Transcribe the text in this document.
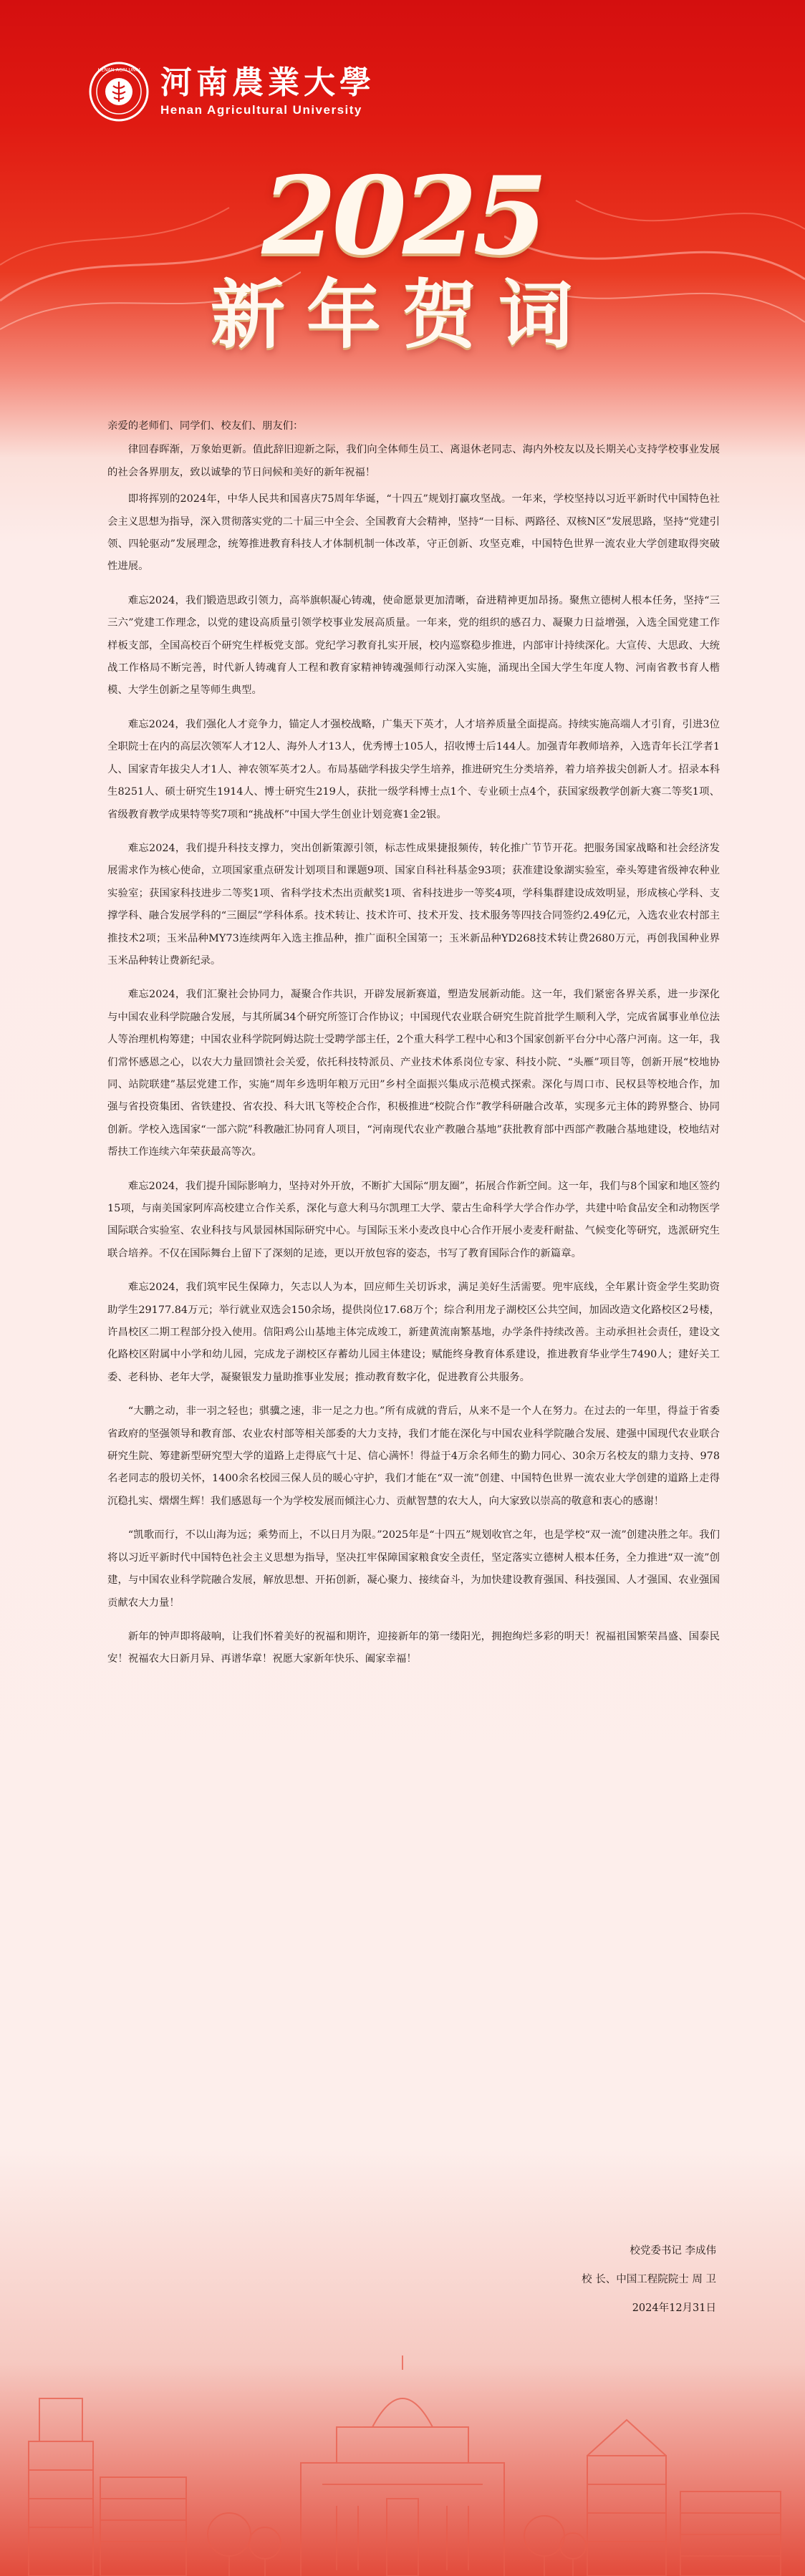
HENAN AGRI UNIV 河南農業大學
Henan Agricultural University
2025
新年贺词

亲爱的老师们、同学们、校友们、朋友们：

律回春晖渐，万象始更新。值此辞旧迎新之际，我们向全体师生员工、离退休老同志、海内外校友以及长期关心支持学校事业发展的社会各界朋友，致以诚挚的节日问候和美好的新年祝福！

即将挥别的2024年，中华人民共和国喜庆75周年华诞，“十四五”规划打赢攻坚战。一年来，学校坚持以习近平新时代中国特色社会主义思想为指导，深入贯彻落实党的二十届三中全会、全国教育大会精神，坚持“一目标、两路径、双核N区”发展思路，坚持“党建引领、四轮驱动”发展理念，统筹推进教育科技人才体制机制一体改革，守正创新、攻坚克难，中国特色世界一流农业大学创建取得突破性进展。

难忘2024，我们锻造思政引领力，高举旗帜凝心铸魂，使命愿景更加清晰，奋进精神更加昂扬。聚焦立德树人根本任务，坚持“三三六”党建工作理念，以党的建设高质量引领学校事业发展高质量。一年来，党的组织的感召力、凝聚力日益增强，入选全国党建工作样板支部，全国高校百个研究生样板党支部。党纪学习教育扎实开展，校内巡察稳步推进，内部审计持续深化。大宣传、大思政、大统战工作格局不断完善，时代新人铸魂育人工程和教育家精神铸魂强师行动深入实施，涌现出全国大学生年度人物、河南省教书育人楷模、大学生创新之星等师生典型。

难忘2024，我们强化人才竞争力，锚定人才强校战略，广集天下英才，人才培养质量全面提高。持续实施高端人才引育，引进3位全职院士在内的高层次领军人才12人、海外人才13人，优秀博士105人，招收博士后144人。加强青年教师培养，入选青年长江学者1人、国家青年拔尖人才1人、神农领军英才2人。布局基础学科拔尖学生培养，推进研究生分类培养，着力培养拔尖创新人才。招录本科生8251人、硕士研究生1914人、博士研究生219人，获批一级学科博士点1个、专业硕士点4个，获国家级教学创新大赛二等奖1项、省级教育教学成果特等奖7项和“挑战杯”中国大学生创业计划竞赛1金2银。

难忘2024，我们提升科技支撑力，突出创新策源引领，标志性成果捷报频传，转化推广节节开花。把服务国家战略和社会经济发展需求作为核心使命，立项国家重点研发计划项目和课题9项、国家自科社科基金93项；获准建设象湖实验室，牵头筹建省级神农种业实验室；获国家科技进步二等奖1项、省科学技术杰出贡献奖1项、省科技进步一等奖4项，学科集群建设成效明显，形成核心学科、支撑学科、融合发展学科的“三圈层”学科体系。技术转让、技术许可、技术开发、技术服务等四技合同签约2.49亿元，入选农业农村部主推技术2项；玉米品种MY73连续两年入选主推品种，推广面积全国第一；玉米新品种YD268技术转让费2680万元，再创我国种业界玉米品种转让费新纪录。

难忘2024，我们汇聚社会协同力，凝聚合作共识，开辟发展新赛道，塑造发展新动能。这一年，我们紧密各界关系，进一步深化与中国农业科学院融合发展，与其所属34个研究所签订合作协议；中国现代农业联合研究生院首批学生顺利入学，完成省属事业单位法人等治理机构筹建；中国农业科学院阿姆达院士受聘学部主任，2个重大科学工程中心和3个国家创新平台分中心落户河南。这一年，我们常怀感恩之心，以农大力量回馈社会关爱，依托科技特派员、产业技术体系岗位专家、科技小院、“头雁”项目等，创新开展“校地协同、站院联建”基层党建工作，实施“周年乡选明年粮万元田”乡村全面振兴集成示范模式探索。深化与周口市、民权县等校地合作，加强与省投资集团、省铁建投、省农投、科大讯飞等校企合作，积极推进“校院合作”教学科研融合改革，实现多元主体的跨界整合、协同创新。学校入选国家“一部六院”科教融汇协同育人项目，“河南现代农业产教融合基地”获批教育部中西部产教融合基地建设，校地结对帮扶工作连续六年荣获最高等次。

难忘2024，我们提升国际影响力，坚持对外开放，不断扩大国际“朋友圈”，拓展合作新空间。这一年，我们与8个国家和地区签约15项，与南美国家阿库高校建立合作关系，深化与意大利马尔凯理工大学、蒙古生命科学大学合作办学，共建中哈食品安全和动物医学国际联合实验室、农业科技与风景园林国际研究中心。与国际玉米小麦改良中心合作开展小麦麦秆耐盐、气候变化等研究，选派研究生联合培养。不仅在国际舞台上留下了深刻的足迹，更以开放包容的姿态，书写了教育国际合作的新篇章。

难忘2024，我们筑牢民生保障力，矢志以人为本，回应师生关切诉求，满足美好生活需要。兜牢底线，全年累计资金学生奖助资助学生29177.84万元；举行就业双选会150余场，提供岗位17.68万个；综合利用龙子湖校区公共空间，加固改造文化路校区2号楼，许昌校区二期工程部分投入使用。信阳鸡公山基地主体完成竣工，新建黄流南繁基地，办学条件持续改善。主动承担社会责任，建设文化路校区附属中小学和幼儿园，完成龙子湖校区存蓄幼儿园主体建设；赋能终身教育体系建设，推进教育华业学生7490人；建好关工委、老科协、老年大学，凝聚银发力量助推事业发展；推动教育数字化，促进教育公共服务。

“大鹏之动，非一羽之轻也；骐骥之速，非一足之力也。”所有成就的背后，从来不是一个人在努力。在过去的一年里，得益于省委省政府的坚强领导和教育部、农业农村部等相关部委的大力支持，我们才能在深化与中国农业科学院融合发展、建强中国现代农业联合研究生院、筹建新型研究型大学的道路上走得底气十足、信心满怀！得益于4万余名师生的勤力同心、30余万名校友的鼎力支持、978名老同志的殷切关怀，1400余名校园三保人员的暖心守护，我们才能在“双一流”创建、中国特色世界一流农业大学创建的道路上走得沉稳扎实、熠熠生辉！我们感恩每一个为学校发展而倾注心力、贡献智慧的农大人，向大家致以崇高的敬意和衷心的感谢！

“凯歌而行，不以山海为远；乘势而上，不以日月为限。”2025年是“十四五”规划收官之年，也是学校“双一流”创建决胜之年。我们将以习近平新时代中国特色社会主义思想为指导，坚决扛牢保障国家粮食安全责任，坚定落实立德树人根本任务，全力推进“双一流”创建，与中国农业科学院融合发展，解放思想、开拓创新，凝心聚力、接续奋斗，为加快建设教育强国、科技强国、人才强国、农业强国贡献农大力量！

新年的钟声即将敲响，让我们怀着美好的祝福和期许，迎接新年的第一缕阳光，拥抱绚烂多彩的明天！祝福祖国繁荣昌盛、国泰民安！祝福农大日新月异、再谱华章！祝愿大家新年快乐、阖家幸福！

校党委书记 李成伟
校 长、中国工程院院士 周 卫
2024年12月31日
